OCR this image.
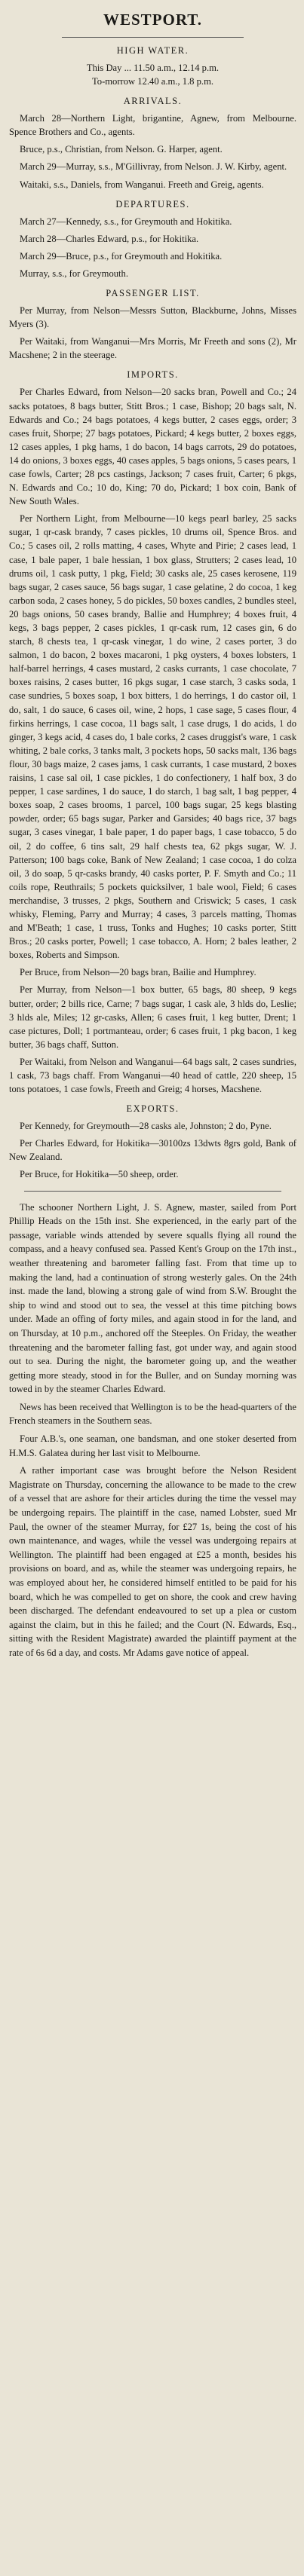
WESTPORT.
HIGH WATER.

This Day ... 11.50 a.m., 12.14 p.m.

To-morrow 12.40 a.m., 1.8 p.m.

ARRIVALS.

March 28—Northern Light, brigantine, Agnew, from Melbourne. Spence Brothers and Co., agents.

Bruce, p.s., Christian, from Nelson. G. Harper, agent.

March 29—Murray, s.s., M'Gillivray, from Nelson. J. W. Kirby, agent.

Waitaki, s.s., Daniels, from Wanganui. Freeth and Greig, agents.

DEPARTURES.

March 27—Kennedy, s.s., for Greymouth and Hokitika.

March 28—Charles Edward, p.s., for Hokitika.

March 29—Bruce, p.s., for Greymouth and Hokitika.

Murray, s.s., for Greymouth.

PASSENGER LIST.

Per Murray, from Nelson—Messrs Sutton, Blackburne, Johns, Misses Myers (3).

Per Waitaki, from Wanganui—Mrs Morris, Mr Freeth and sons (2), Mr Macshene; 2 in the steerage.

IMPORTS.

Per Charles Edward, from Nelson—20 sacks bran, Powell and Co.; 24 sacks potatoes, 8 bags butter, Stitt Bros.; 1 case, Bishop; 20 bags salt, N. Edwards and Co.; 24 bags potatoes, 4 kegs butter, 2 cases eggs, order; 3 cases fruit, Shorpe; 27 bags potatoes, Pickard; 4 kegs butter, 2 boxes eggs, 12 cases apples, 1 pkg hams, 1 do bacon, 14 bags carrots, 29 do potatoes, 14 do onions, 3 boxes eggs, 40 cases apples, 5 bags onions, 5 cases pears, 1 case fowls, Carter; 28 pcs castings, Jackson; 7 cases fruit, Carter; 6 pkgs, N. Edwards and Co.; 10 do, King; 70 do, Pickard; 1 box coin, Bank of New South Wales.

Per Northern Light, from Melbourne—10 kegs pearl barley, 25 sacks sugar, 1 qr-cask brandy, 7 cases pickles, 10 drums oil, Spence Bros. and Co.; 5 cases oil, 2 rolls matting, 4 cases, Whyte and Pirie; 2 cases lead, 1 case, 1 bale paper, 1 bale hessian, 1 box glass, Strutters; 2 cases lead, 10 drums oil, 1 cask putty, 1 pkg, Field; 30 casks ale, 25 cases kerosene, 119 bags sugar, 2 cases sauce, 56 bags sugar, 1 case gelatine, 2 do cocoa, 1 keg carbon soda, 2 cases honey, 5 do pickles, 50 boxes candles, 2 bundles steel, 20 bags onions, 50 cases brandy, Ballie and Humphrey; 4 boxes fruit, 4 kegs, 3 bags pepper, 2 cases pickles, 1 qr-cask rum, 12 cases gin, 6 do starch, 8 chests tea, 1 qr-cask vinegar, 1 do wine, 2 cases porter, 3 do salmon, 1 do bacon, 2 boxes macaroni, 1 pkg oysters, 4 boxes lobsters, 1 half-barrel herrings, 4 cases mustard, 2 casks currants, 1 case chocolate, 7 boxes raisins, 2 cases butter, 16 pkgs sugar, 1 case starch, 3 casks soda, 1 case sundries, 5 boxes soap, 1 box bitters, 1 do herrings, 1 do castor oil, 1 do, salt, 1 do sauce, 6 cases oil, wine, 2 hops, 1 case sage, 5 cases flour, 4 firkins herrings, 1 case cocoa, 11 bags salt, 1 case drugs, 1 do acids, 1 do ginger, 3 kegs acid, 4 cases do, 1 bale corks, 2 cases druggist's ware, 1 cask whiting, 2 bale corks, 3 tanks malt, 3 pockets hops, 50 sacks malt, 136 bags flour, 30 bags maize, 2 cases jams, 1 cask currants, 1 case mustard, 2 boxes raisins, 1 case sal oil, 1 case pickles, 1 do confectionery, 1 half box, 3 do pepper, 1 case sardines, 1 do sauce, 1 do starch, 1 bag salt, 1 bag pepper, 4 boxes soap, 2 cases brooms, 1 parcel, 100 bags sugar, 25 kegs blasting powder, order; 65 bags sugar, Parker and Garsides; 40 bags rice, 37 bags sugar, 3 cases vinegar, 1 bale paper, 1 do paper bags, 1 case tobacco, 5 do oil, 2 do coffee, 6 tins salt, 29 half chests tea, 62 pkgs sugar, W. J. Patterson; 100 bags coke, Bank of New Zealand; 1 case cocoa, 1 do colza oil, 3 do soap, 5 qr-casks brandy, 40 casks porter, P. F. Smyth and Co.; 11 coils rope, Reuthrails; 5 pockets quicksilver, 1 bale wool, Field; 6 cases merchandise, 3 trusses, 2 pkgs, Southern and Criswick; 5 cases, 1 cask whisky, Fleming, Parry and Murray; 4 cases, 3 parcels matting, Thomas and M'Beath; 1 case, 1 truss, Tonks and Hughes; 10 casks porter, Stitt Bros.; 20 casks porter, Powell; 1 case tobacco, A. Horn; 2 bales leather, 2 boxes, Roberts and Simpson.

Per Bruce, from Nelson—20 bags bran, Bailie and Humphrey.

Per Murray, from Nelson—1 box butter, 65 bags, 80 sheep, 9 kegs butter, order; 2 bills rice, Carne; 7 bags sugar, 1 cask ale, 3 hlds do, Leslie; 3 hlds ale, Miles; 12 gr-casks, Allen; 6 cases fruit, 1 keg butter, Drent; 1 case pictures, Doll; 1 portmanteau, order; 6 cases fruit, 1 pkg bacon, 1 keg butter, 36 bags chaff, Sutton.

Per Waitaki, from Nelson and Wanganui—64 bags salt, 2 cases sundries, 1 cask, 73 bags chaff. From Wanganui—40 head of cattle, 220 sheep, 15 tons potatoes, 1 case fowls, Freeth and Greig; 4 horses, Macshene.

EXPORTS.

Per Kennedy, for Greymouth—28 casks ale, Johnston; 2 do, Pyne.

Per Charles Edward, for Hokitika—30100zs 13dwts 8grs gold, Bank of New Zealand.

Per Bruce, for Hokitika—50 sheep, order.

The schooner Northern Light, J. S. Agnew, master, sailed from Port Phillip Heads on the 15th inst. She experienced, in the early part of the passage, variable winds attended by severe squalls flying all round the compass, and a heavy confused sea. Passed Kent's Group on the 17th inst., weather threatening and barometer falling fast. From that time up to making the land, had a continuation of strong westerly gales. On the 24th inst. made the land, blowing a strong gale of wind from S.W. Brought the ship to wind and stood out to sea, the vessel at this time pitching bows under. Made an offing of forty miles, and again stood in for the land, and on Thursday, at 10 p.m., anchored off the Steeples. On Friday, the weather threatening and the barometer falling fast, got under way, and again stood out to sea. During the night, the barometer going up, and the weather getting more steady, stood in for the Buller, and on Sunday morning was towed in by the steamer Charles Edward.

News has been received that Wellington is to be the head-quarters of the French steamers in the Southern seas.

Four A.B.'s, one seaman, one bandsman, and one stoker deserted from H.M.S. Galatea during her last visit to Melbourne.

A rather important case was brought before the Nelson Resident Magistrate on Thursday, concerning the allowance to be made to the crew of a vessel that are ashore for their articles during the time the vessel may be undergoing repairs. The plaintiff in the case, named Lobster, sued Mr Paul, the owner of the steamer Murray, for £27 1s, being the cost of his own maintenance, and wages, while the vessel was undergoing repairs at Wellington. The plaintiff had been engaged at £25 a month, besides his provisions on board, and as, while the steamer was undergoing repairs, he was employed about her, he considered himself entitled to be paid for his board, which he was compelled to get on shore, the cook and crew having been discharged. The defendant endeavoured to set up a plea or custom against the claim, but in this he failed; and the Court (N. Edwards, Esq., sitting with the Resident Magistrate) awarded the plaintiff payment at the rate of 6s 6d a day, and costs. Mr Adams gave notice of appeal.
